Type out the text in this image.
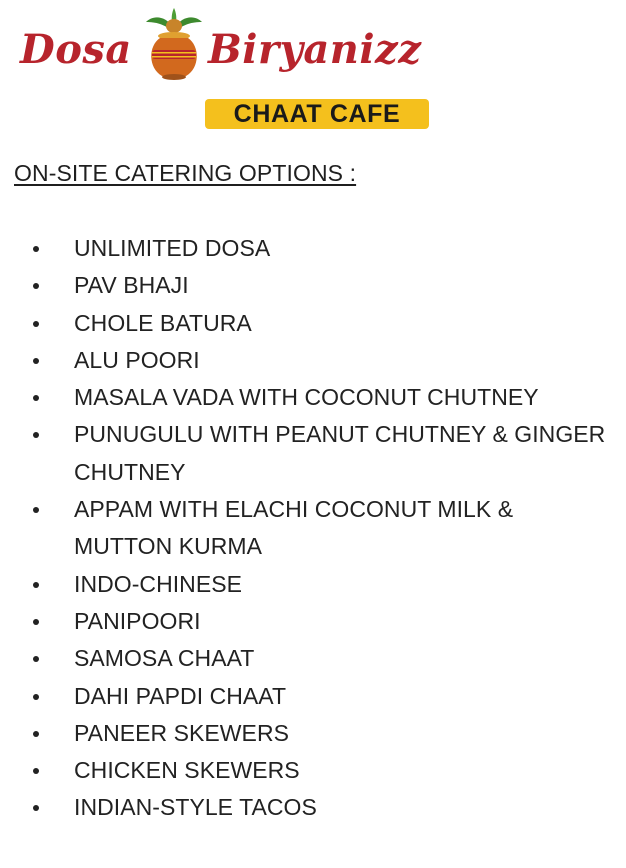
Dosa Biryanizz
CHAAT CAFE
ON-SITE CATERING OPTIONS :
UNLIMITED DOSA
PAV BHAJI
CHOLE BATURA
ALU POORI
MASALA VADA WITH COCONUT CHUTNEY
PUNUGULU WITH PEANUT CHUTNEY & GINGER CHUTNEY
APPAM WITH ELACHI COCONUT MILK & MUTTON KURMA
INDO-CHINESE
PANIPOORI
SAMOSA CHAAT
DAHI PAPDI CHAAT
PANEER SKEWERS
CHICKEN SKEWERS
INDIAN-STYLE TACOS
